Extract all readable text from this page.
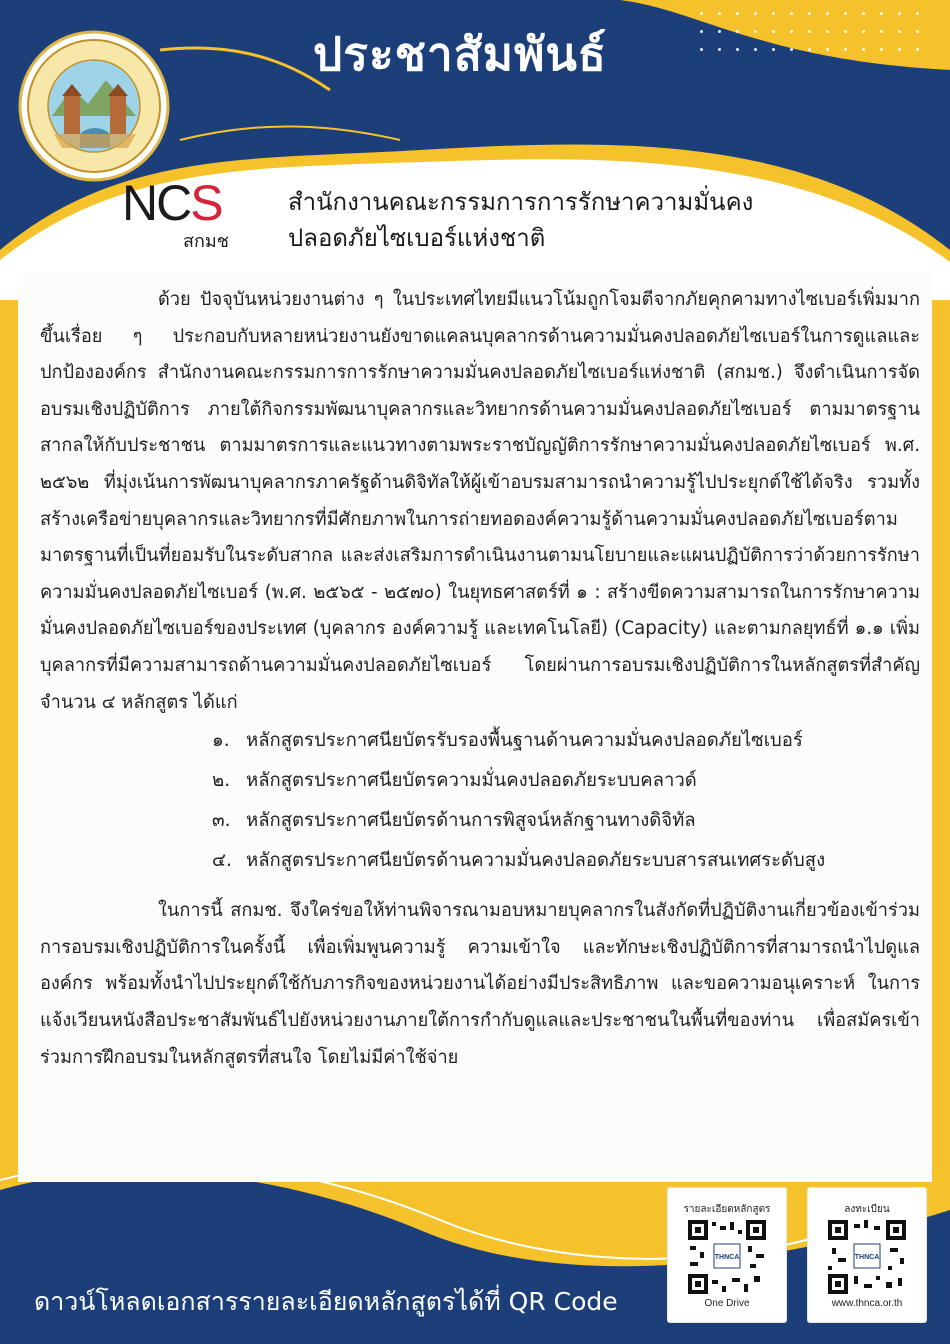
ประชาสัมพันธ์
NCS
สกมช
สำนักงานคณะกรรมการการรักษาความมั่นคง
ปลอดภัยไซเบอร์แห่งชาติ

ด้วย ปัจจุบันหน่วยงานต่าง ๆ ในประเทศไทยมีแนวโน้มถูกโจมตีจากภัยคุกคามทางไซเบอร์เพิ่มมากขึ้นเรื่อย ๆ ประกอบกับหลายหน่วยงานยังขาดแคลนบุคลากรด้านความมั่นคงปลอดภัยไซเบอร์ในการดูแลและปกป้ององค์กร สำนักงานคณะกรรมการการรักษาความมั่นคงปลอดภัยไซเบอร์แห่งชาติ (สกมช.) จึงดำเนินการจัดอบรมเชิงปฏิบัติการ ภายใต้กิจกรรมพัฒนาบุคลากรและวิทยากรด้านความมั่นคงปลอดภัยไซเบอร์ ตามมาตรฐานสากลให้กับประชาชน ตามมาตรการและแนวทางตามพระราชบัญญัติการรักษาความมั่นคงปลอดภัยไซเบอร์ พ.ศ. ๒๕๖๒ ที่มุ่งเน้นการพัฒนาบุคลากรภาครัฐด้านดิจิทัลให้ผู้เข้าอบรมสามารถนำความรู้ไปประยุกต์ใช้ได้จริง รวมทั้งสร้างเครือข่ายบุคลากรและวิทยากรที่มีศักยภาพในการถ่ายทอดองค์ความรู้ด้านความมั่นคงปลอดภัยไซเบอร์ตามมาตรฐานที่เป็นที่ยอมรับในระดับสากล และส่งเสริมการดำเนินงานตามนโยบายและแผนปฏิบัติการว่าด้วยการรักษาความมั่นคงปลอดภัยไซเบอร์ (พ.ศ. ๒๕๖๕ - ๒๕๗๐) ในยุทธศาสตร์ที่ ๑ : สร้างขีดความสามารถในการรักษาความมั่นคงปลอดภัยไซเบอร์ของประเทศ (บุคลากร องค์ความรู้ และเทคโนโลยี) (Capacity) และตามกลยุทธ์ที่ ๑.๑ เพิ่มบุคลากรที่มีความสามารถด้านความมั่นคงปลอดภัยไซเบอร์ โดยผ่านการอบรมเชิงปฏิบัติการในหลักสูตรที่สำคัญจำนวน ๔ หลักสูตร ได้แก่

๑. หลักสูตรประกาศนียบัตรรับรองพื้นฐานด้านความมั่นคงปลอดภัยไซเบอร์
๒. หลักสูตรประกาศนียบัตรความมั่นคงปลอดภัยระบบคลาวด์
๓. หลักสูตรประกาศนียบัตรด้านการพิสูจน์หลักฐานทางดิจิทัล
๔. หลักสูตรประกาศนียบัตรด้านความมั่นคงปลอดภัยระบบสารสนเทศระดับสูง

ในการนี้ สกมช. จึงใคร่ขอให้ท่านพิจารณามอบหมายบุคลากรในสังกัดที่ปฏิบัติงานเกี่ยวข้องเข้าร่วมการอบรมเชิงปฏิบัติการในครั้งนี้ เพื่อเพิ่มพูนความรู้ ความเข้าใจ และทักษะเชิงปฏิบัติการที่สามารถนำไปดูแลองค์กร พร้อมทั้งนำไปประยุกต์ใช้กับภารกิจของหน่วยงานได้อย่างมีประสิทธิภาพ และขอความอนุเคราะห์ ในการแจ้งเวียนหนังสือประชาสัมพันธ์ไปยังหน่วยงานภายใต้การกำกับดูแลและประชาชนในพื้นที่ของท่าน เพื่อสมัครเข้าร่วมการฝึกอบรมในหลักสูตรที่สนใจ โดยไม่มีค่าใช้จ่าย

ดาวน์โหลดเอกสารรายละเอียดหลักสูตรได้ที่ QR Code
รายละเอียดหลักสูตร
THNCA
One Drive
ลงทะเบียน
THNCA
www.thnca.or.th
